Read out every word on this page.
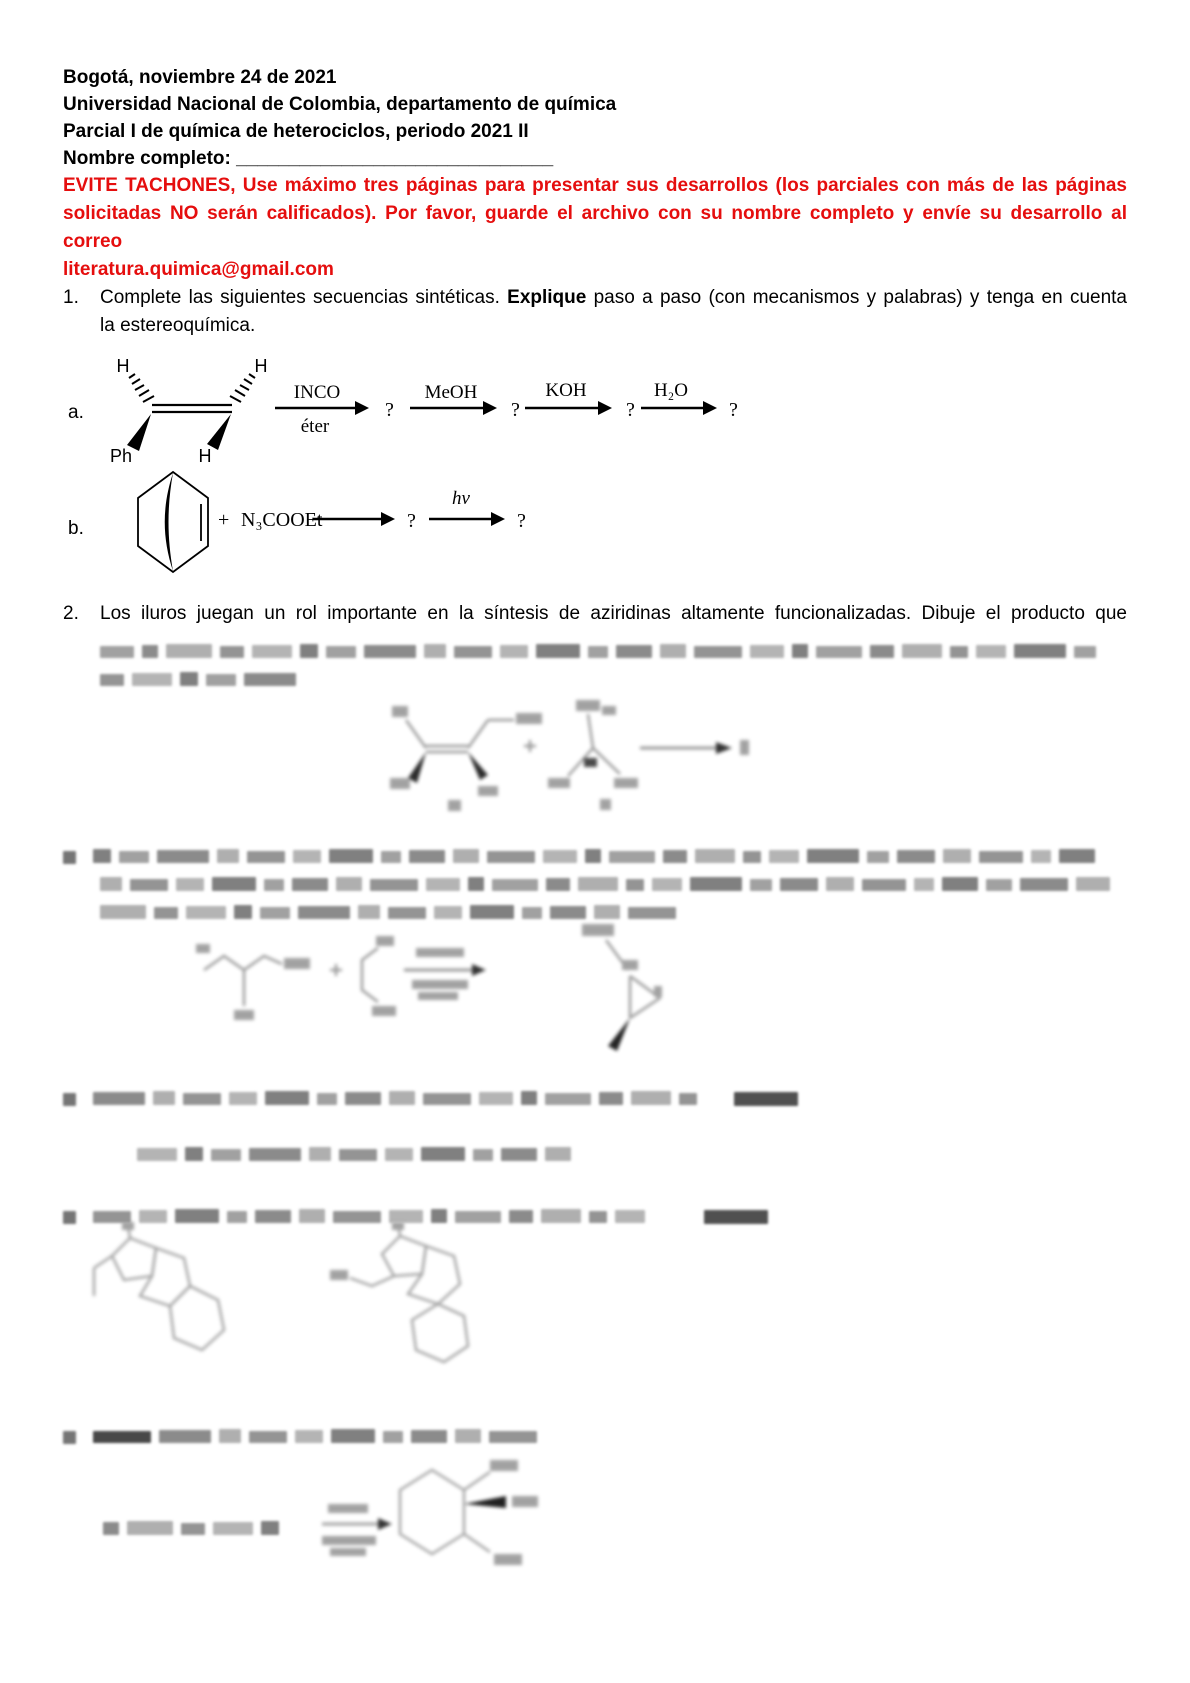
Bogotá, noviembre 24 de 2021
Universidad Nacional de Colombia, departamento de química
Parcial I de química de heterociclos, periodo 2021 II
Nombre completo: ______________________________
EVITE TACHONES, Use máximo tres páginas para presentar sus desarrollos (los parciales con más de las páginas
solicitadas NO serán calificados). Por favor, guarde el archivo con su nombre completo y envíe su desarrollo al correo
literatura.quimica@gmail.com
1. Complete las siguientes secuencias sintéticas. Explique paso a paso (con mecanismos y palabras) y tenga en cuenta
la estereoquímica.
a.
H	H
Ph	H
INCO
éter
?
MeOH
?
KOH
?
H₂O
?
b.	+ N₃COOEt	?
hν
?
2. Los iluros juegan un rol importante en la síntesis de aziridinas altamente funcionalizadas. Dibuje el producto que
